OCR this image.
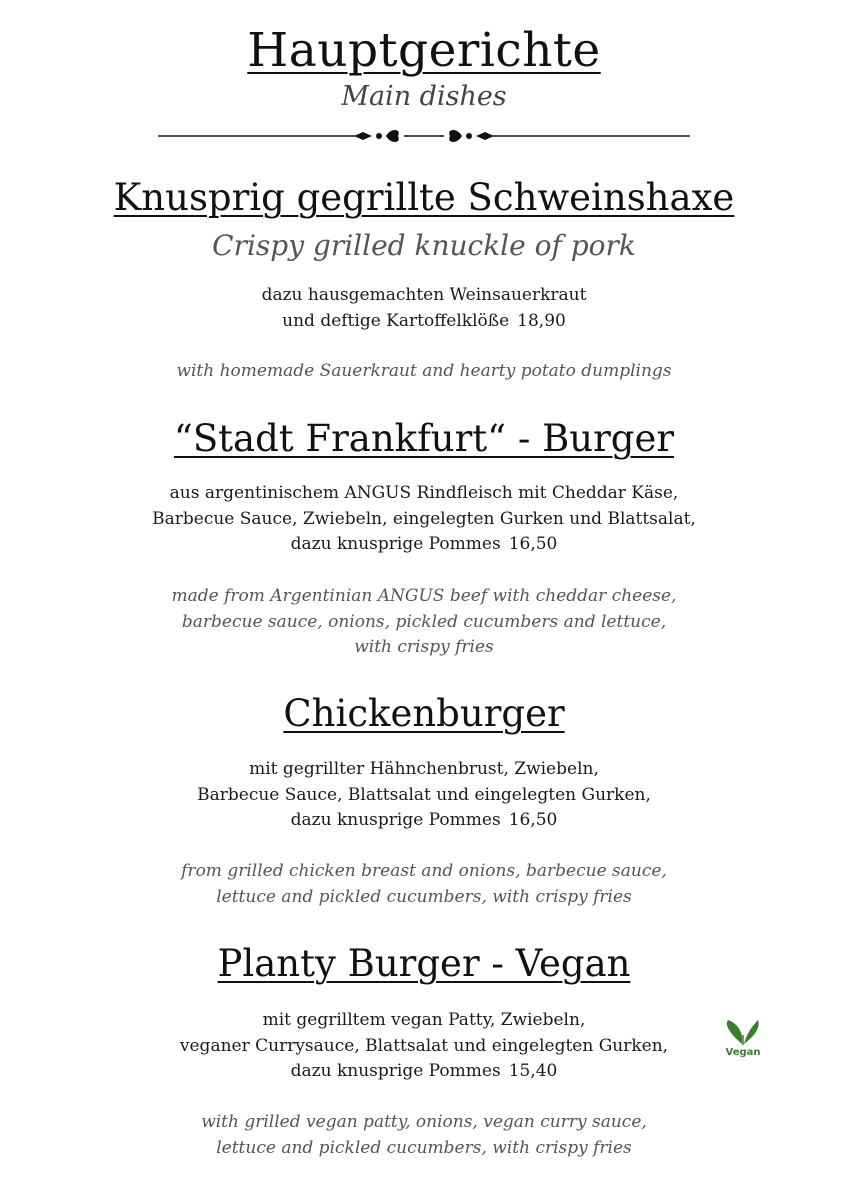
Hauptgerichte
Main dishes
Knusprig gegrillte Schweinshaxe
Crispy grilled knuckle of pork
dazu hausgemachten Weinsauerkraut
und deftige Kartoffelklöße 18,90
with homemade Sauerkraut and hearty potato dumplings
“Stadt Frankfurt“ - Burger
aus argentinischem ANGUS Rindfleisch mit Cheddar Käse,
Barbecue Sauce, Zwiebeln, eingelegten Gurken und Blattsalat,
dazu knusprige Pommes 16,50
made from Argentinian ANGUS beef with cheddar cheese,
barbecue sauce, onions, pickled cucumbers and lettuce,
with crispy fries
Chickenburger
mit gegrillter Hähnchenbrust, Zwiebeln,
Barbecue Sauce, Blattsalat und eingelegten Gurken,
dazu knusprige Pommes 16,50
from grilled chicken breast and onions, barbecue sauce,
lettuce and pickled cucumbers, with crispy fries
Planty Burger - Vegan
mit gegrilltem vegan Patty, Zwiebeln,
veganer Currysauce, Blattsalat und eingelegten Gurken,
dazu knusprige Pommes 15,40
with grilled vegan patty, onions, vegan curry sauce,
lettuce and pickled cucumbers, with crispy fries
Vegan
